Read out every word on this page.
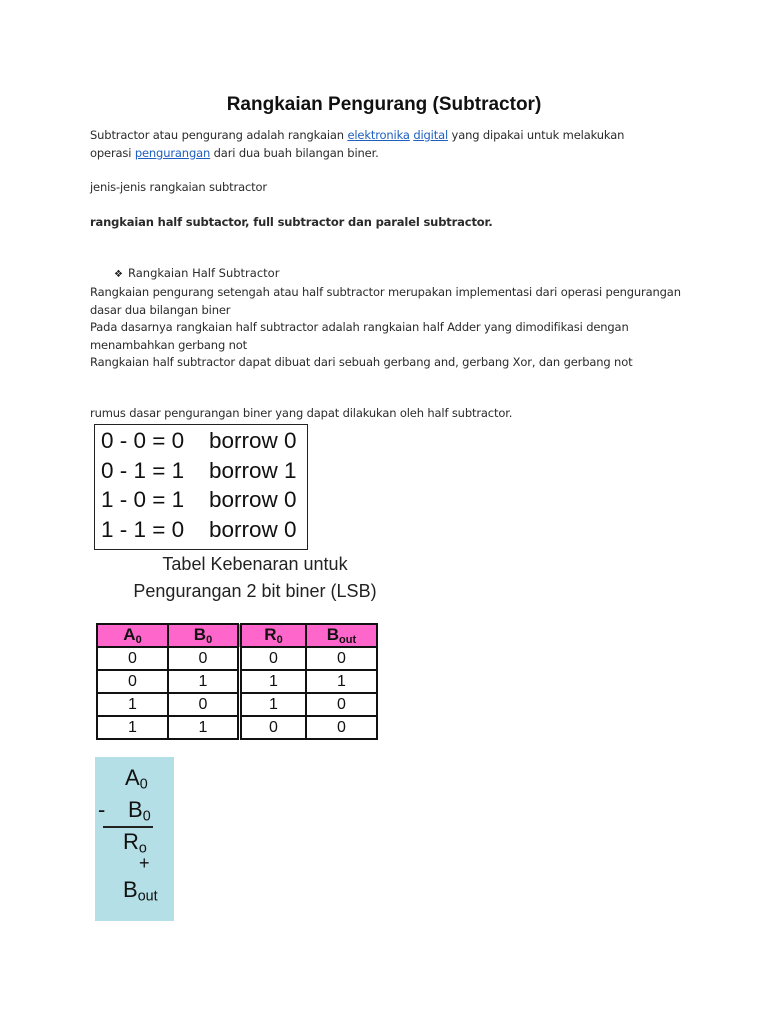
Rangkaian Pengurang (Subtractor)
Subtractor atau pengurang adalah rangkaian elektronika digital yang dipakai untuk melakukan
operasi pengurangan dari dua buah bilangan biner.
jenis-jenis rangkaian subtractor
rangkaian half subtactor, full subtractor dan paralel subtractor.
❖ Rangkaian Half Subtractor
Rangkaian pengurang setengah atau half subtractor merupakan implementasi dari operasi pengurangan
dasar dua bilangan biner
Pada dasarnya rangkaian half subtractor adalah rangkaian half Adder yang dimodifikasi dengan
menambahkan gerbang not
Rangkaian half subtractor dapat dibuat dari sebuah gerbang and, gerbang Xor, dan gerbang not
rumus dasar pengurangan biner yang dapat dilakukan oleh half subtractor.
0 - 0 = 0 borrow 0
0 - 1 = 1 borrow 1
1 - 0 = 1 borrow 0
1 - 1 = 0 borrow 0
Tabel Kebenaran untuk
Pengurangan 2 bit biner (LSB)
$A_0$	$B_0$	$R_0$	$B_{out}$
0	0	0	0
0	1	1	1
1	0	1	0
1	1	0	0
$A_0$
- $B_0$
$R_o$
+
$B_{out}$
